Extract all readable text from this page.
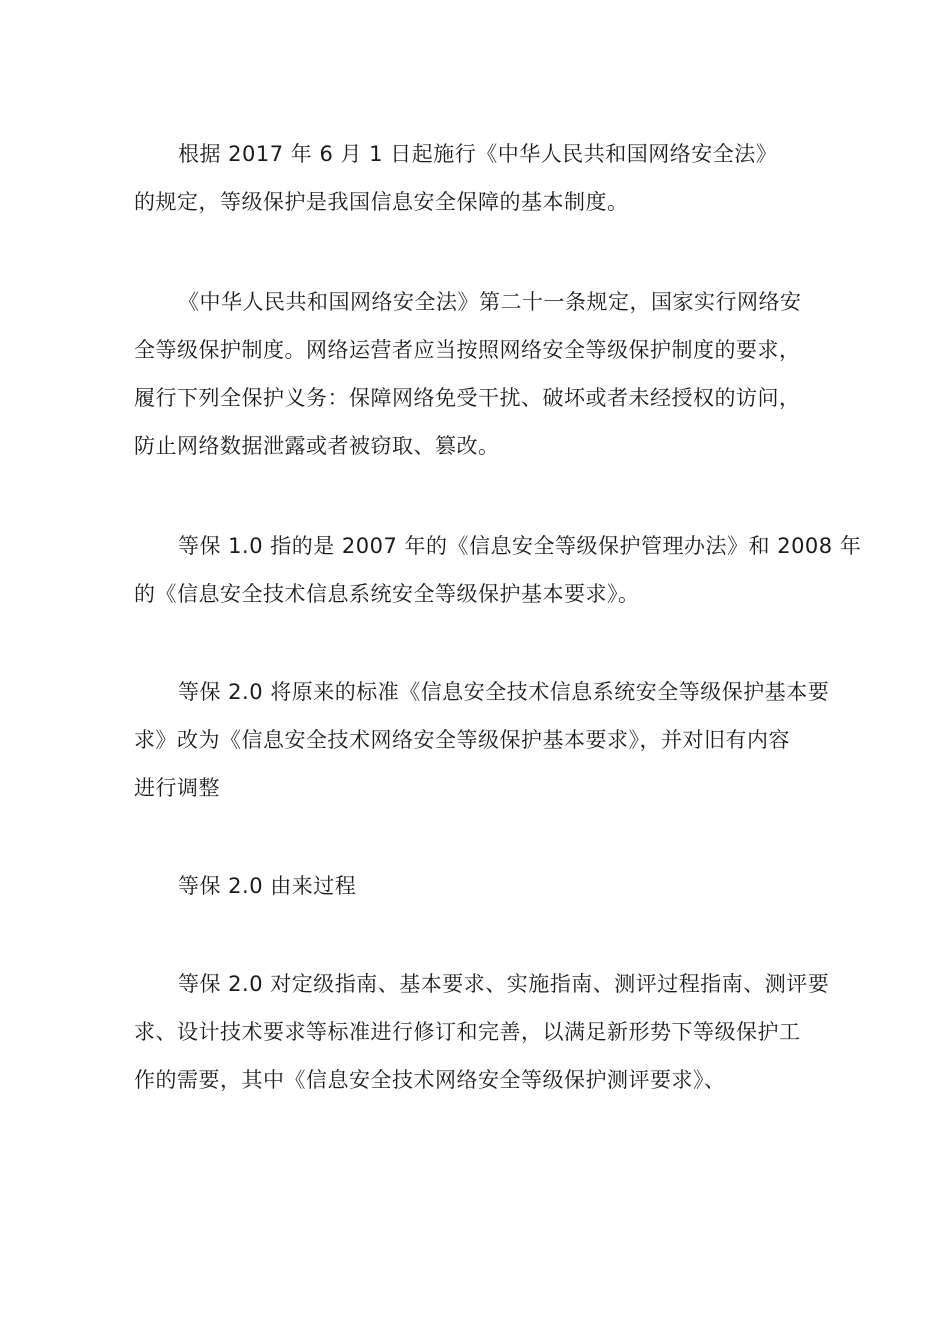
根据 2017 年 6 月 1 日起施行《中华人民共和国网络安全法》
的规定，等级保护是我国信息安全保障的基本制度。
《中华人民共和国网络安全法》第二十一条规定，国家实行网络安
全等级保护制度。网络运营者应当按照网络安全等级保护制度的要求，
履行下列全保护义务：保障网络免受干扰、破坏或者未经授权的访问，
防止网络数据泄露或者被窃取、篡改。
等保 1.0 指的是 2007 年的《信息安全等级保护管理办法》和 2008 年
的《信息安全技术信息系统安全等级保护基本要求》。
等保 2.0 将原来的标准《信息安全技术信息系统安全等级保护基本要
求》改为《信息安全技术网络安全等级保护基本要求》，并对旧有内容
进行调整
等保 2.0 由来过程
等保 2.0 对定级指南、基本要求、实施指南、测评过程指南、测评要
求、设计技术要求等标准进行修订和完善，以满足新形势下等级保护工
作的需要，其中《信息安全技术网络安全等级保护测评要求》、
